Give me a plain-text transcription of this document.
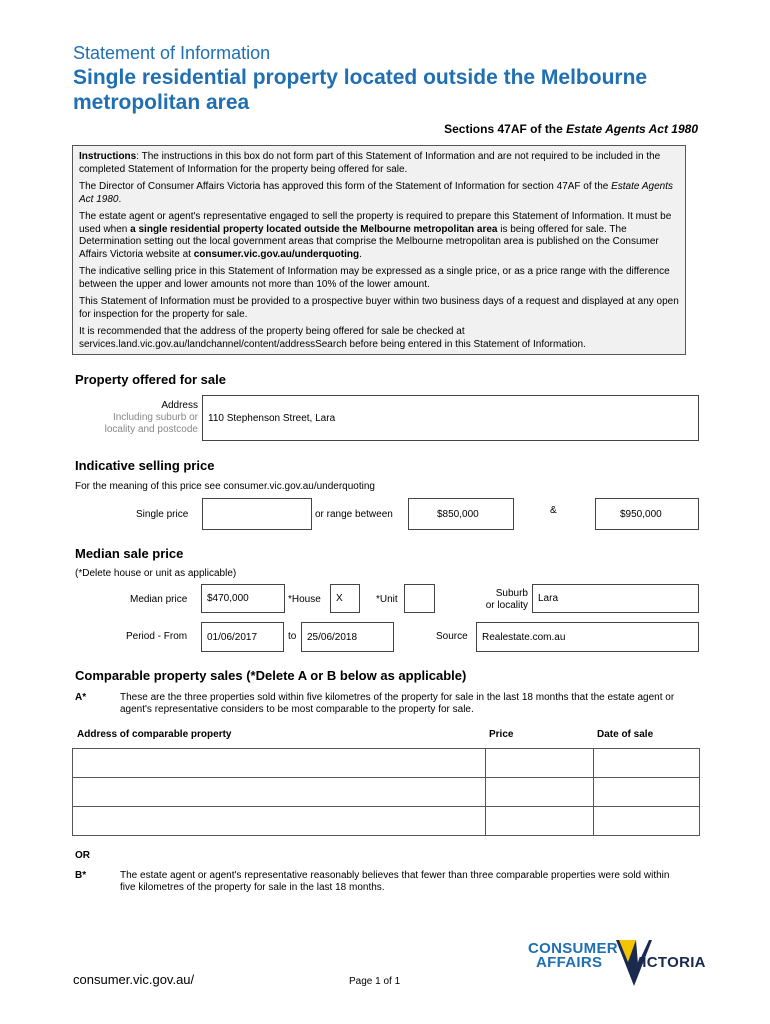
Statement of Information
Single residential property located outside the Melbourne metropolitan area
Sections 47AF of the Estate Agents Act 1980

Instructions: The instructions in this box do not form part of this Statement of Information and are not required to be included in the completed Statement of Information for the property being offered for sale.

The Director of Consumer Affairs Victoria has approved this form of the Statement of Information for section 47AF of the Estate Agents Act 1980.

The estate agent or agent's representative engaged to sell the property is required to prepare this Statement of Information. It must be used when a single residential property located outside the Melbourne metropolitan area is being offered for sale. The Determination setting out the local government areas that comprise the Melbourne metropolitan area is published on the Consumer Affairs Victoria website at consumer.vic.gov.au/underquoting.

The indicative selling price in this Statement of Information may be expressed as a single price, or as a price range with the difference between the upper and lower amounts not more than 10% of the lower amount.

This Statement of Information must be provided to a prospective buyer within two business days of a request and displayed at any open for inspection for the property for sale.

It is recommended that the address of the property being offered for sale be checked at services.land.vic.gov.au/landchannel/content/addressSearch before being entered in this Statement of Information.

Property offered for sale
Address
Including suburb or
locality and postcode
110 Stephenson Street, Lara
Indicative selling price
For the meaning of this price see consumer.vic.gov.au/underquoting
Single price	or range between	$850,000	&	$950,000
Median sale price
(*Delete house or unit as applicable)
Median price	$470,000	*House	X	*Unit
Suburb
or locality
Lara
Period - From	01/06/2017	to	25/06/2018	Source	Realestate.com.au
Comparable property sales (*Delete A or B below as applicable)
A*	These are the three properties sold within five kilometres of the property for sale in the last 18 months that the estate agent or agent's representative considers to be most comparable to the property for sale.
Address of comparable property	Price	Date of sale

OR
B*	The estate agent or agent's representative reasonably believes that fewer than three comparable properties were sold within five kilometres of the property for sale in the last 18 months.
consumer.vic.gov.au/	Page 1 of 1
CONSUMER
AFFAIRS VICTORIA
